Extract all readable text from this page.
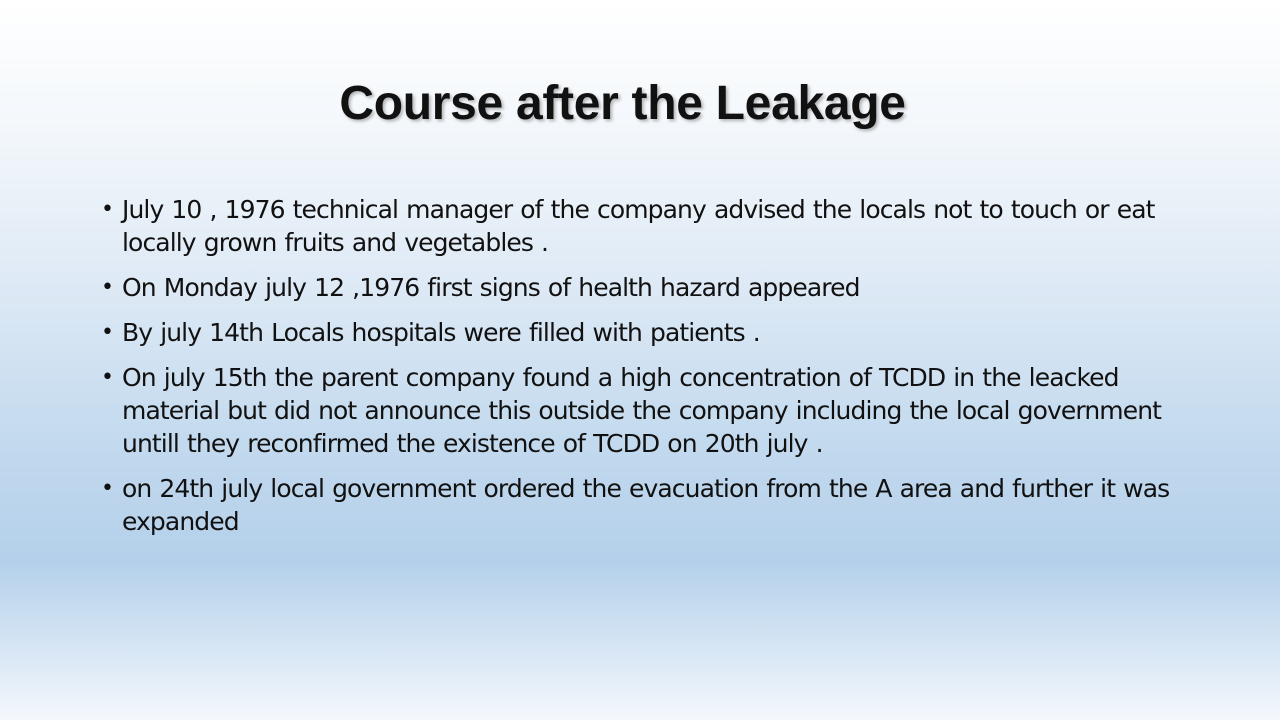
Course after the Leakage
• July 10 , 1976 technical manager of the company advised the locals not to touch or eat locally grown fruits and vegetables .
• On Monday july 12 ,1976 first signs of health hazard appeared
• By july 14th Locals hospitals were filled with patients .
• On july 15th the parent company found a high concentration of TCDD in the leacked material but did not announce this outside the company including the local government untill they reconfirmed the existence of TCDD on 20th july .
• on 24th july local government ordered the evacuation from the A area and further it was expanded
